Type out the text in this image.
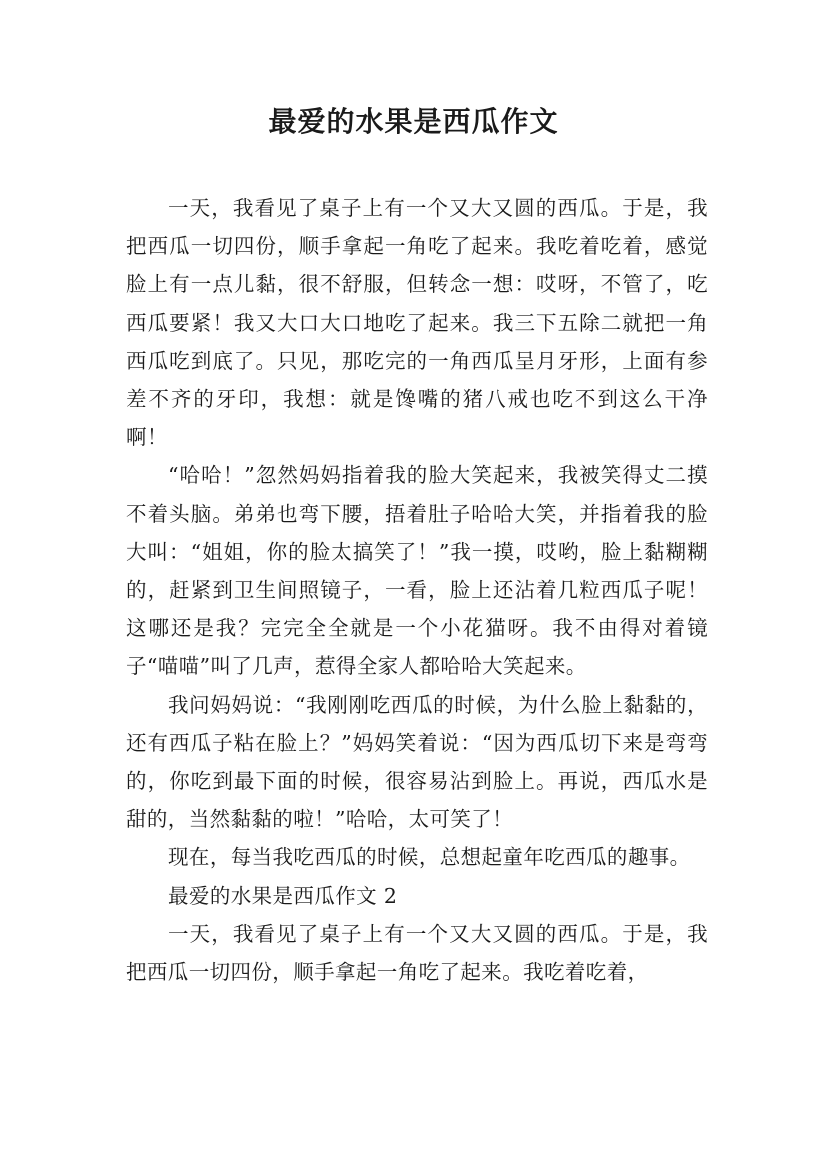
最爱的水果是西瓜作文

一天，我看见了桌子上有一个又大又圆的西瓜。于是，我把西瓜一切四份，顺手拿起一角吃了起来。我吃着吃着，感觉脸上有一点儿黏，很不舒服，但转念一想：哎呀，不管了，吃西瓜要紧！我又大口大口地吃了起来。我三下五除二就把一角西瓜吃到底了。只见，那吃完的一角西瓜呈月牙形，上面有参差不齐的牙印，我想：就是馋嘴的猪八戒也吃不到这么干净啊！

“哈哈！”忽然妈妈指着我的脸大笑起来，我被笑得丈二摸不着头脑。弟弟也弯下腰，捂着肚子哈哈大笑，并指着我的脸大叫：“姐姐，你的脸太搞笑了！”我一摸，哎哟，脸上黏糊糊的，赶紧到卫生间照镜子，一看，脸上还沾着几粒西瓜子呢！这哪还是我？完完全全就是一个小花猫呀。我不由得对着镜子“喵喵”叫了几声，惹得全家人都哈哈大笑起来。

我问妈妈说：“我刚刚吃西瓜的时候，为什么脸上黏黏的，还有西瓜子粘在脸上？”妈妈笑着说：“因为西瓜切下来是弯弯的，你吃到最下面的时候，很容易沾到脸上。再说，西瓜水是甜的，当然黏黏的啦！”哈哈，太可笑了！

现在，每当我吃西瓜的时候，总想起童年吃西瓜的趣事。

最爱的水果是西瓜作文 2

一天，我看见了桌子上有一个又大又圆的西瓜。于是，我把西瓜一切四份，顺手拿起一角吃了起来。我吃着吃着，
